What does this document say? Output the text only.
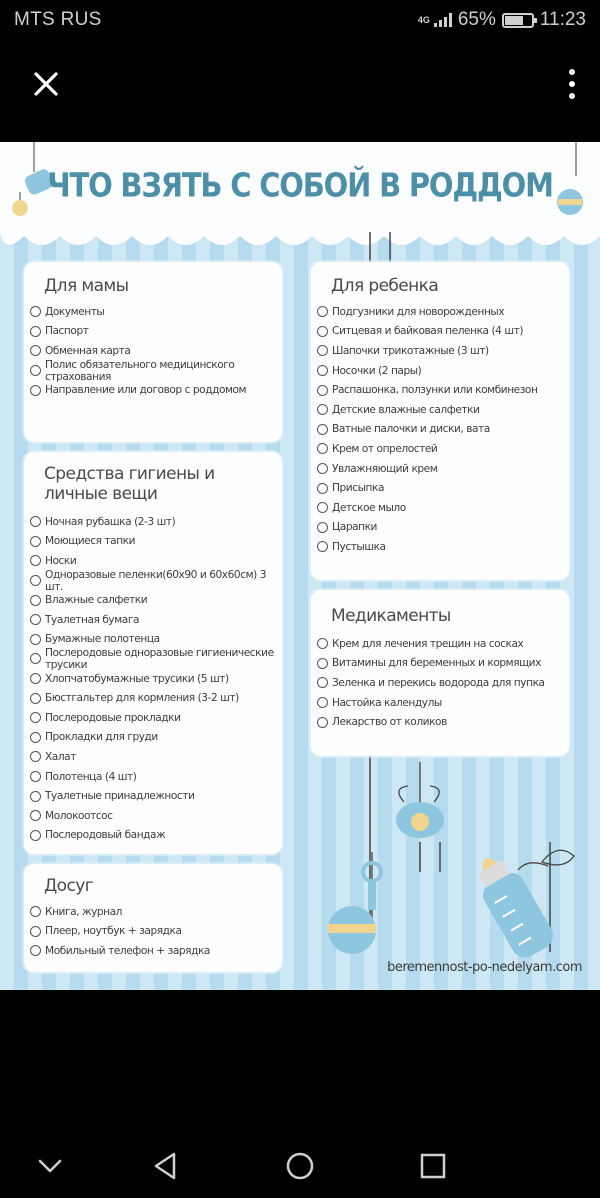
MTS RUS	4G 65% 11:23
ЧТО ВЗЯТЬ С СОБОЙ В РОДДОМ
Для мамы
Документы
Паспорт
Обменная карта
Полис обязательного медицинского страхования
Направление или договор с роддомом
Средства гигиены и личные вещи
Ночная рубашка (2-3 шт)
Моющиеся тапки
Носки
Одноразовые пеленки(60х90 и 60х60см) 3 шт.
Влажные салфетки
Туалетная бумага
Бумажные полотенца
Послеродовые одноразовые гигиенические трусики
Хлопчатобумажные трусики (5 шт)
Бюстгальтер для кормления (3-2 шт)
Послеродовые прокладки
Прокладки для груди
Халат
Полотенца (4 шт)
Туалетные принадлежности
Молокоотсос
Послеродовый бандаж
Досуг
Книга, журнал
Плеер, ноутбук + зарядка
Мобильный телефон + зарядка
Для ребенка
Подгузники для новорожденных
Ситцевая и байковая пеленка (4 шт)
Шапочки трикотажные (3 шт)
Носочки (2 пары)
Распашонка, ползунки или комбинезон
Детские влажные салфетки
Ватные палочки и диски, вата
Крем от опрелостей
Увлажняющий крем
Присыпка
Детское мыло
Царапки
Пустышка
Медикаменты
Крем для лечения трещин на сосках
Витамины для беременных и кормящих
Зеленка и перекись водорода для пупка
Настойка календулы
Лекарство от коликов
beremennost-po-nedelyam.com
